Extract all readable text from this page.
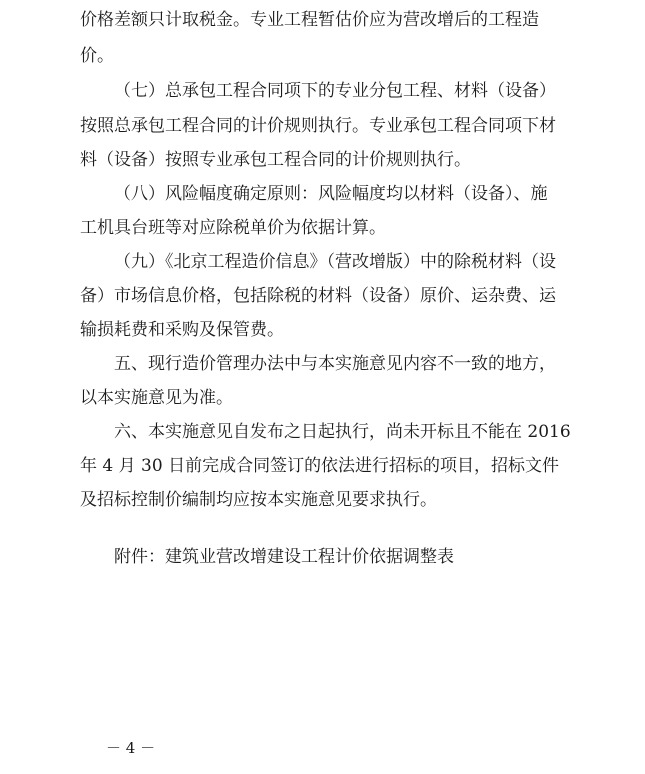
价格差额只计取税金。专业工程暂估价应为营改增后的工程造
价。
（七）总承包工程合同项下的专业分包工程、材料（设备）
按照总承包工程合同的计价规则执行。专业承包工程合同项下材
料（设备）按照专业承包工程合同的计价规则执行。
（八）风险幅度确定原则：风险幅度均以材料（设备）、施
工机具台班等对应除税单价为依据计算。
（九）《北京工程造价信息》（营改增版）中的除税材料（设
备）市场信息价格，包括除税的材料（设备）原价、运杂费、运
输损耗费和采购及保管费。
五、现行造价管理办法中与本实施意见内容不一致的地方，
以本实施意见为准。
六、本实施意见自发布之日起执行，尚未开标且不能在 2016
年 4 月 30 日前完成合同签订的依法进行招标的项目，招标文件
及招标控制价编制均应按本实施意见要求执行。
附件：建筑业营改增建设工程计价依据调整表
－ 4 －
